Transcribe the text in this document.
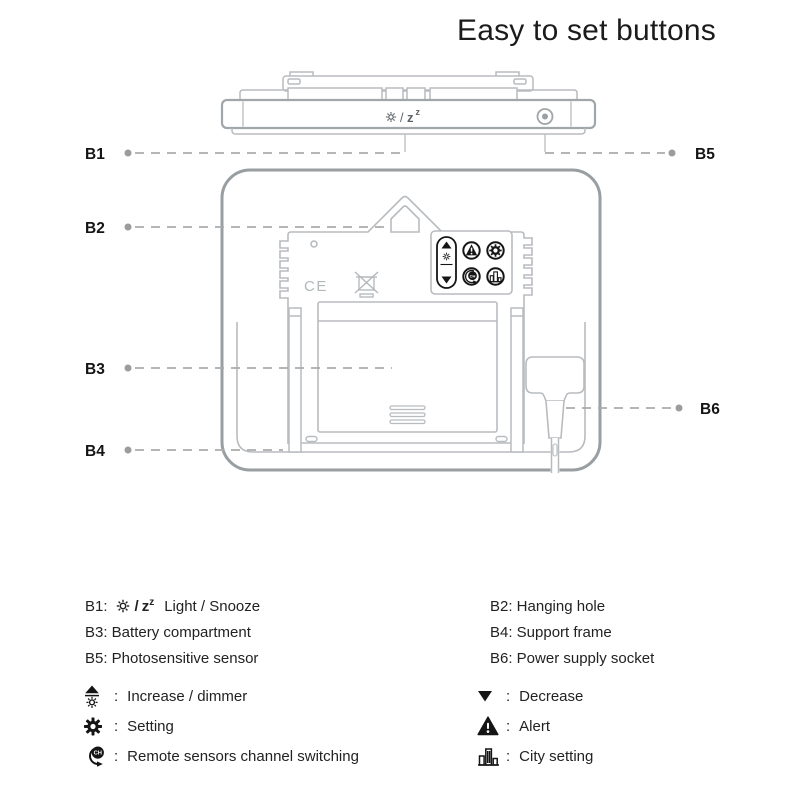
Easy to set buttons
/ z z
CE
CH
B1	B5
B2
B3
B4
B6
B1: / $z^z$ Light / Snooze
B3: Battery compartment
B5: Photosensitive sensor
B2: Hanging hole
B4: Support frame
B6: Power supply socket
: Increase / dimmer
: Setting
CH : Remote sensors channel switching
: Decrease
: Alert
: City setting
